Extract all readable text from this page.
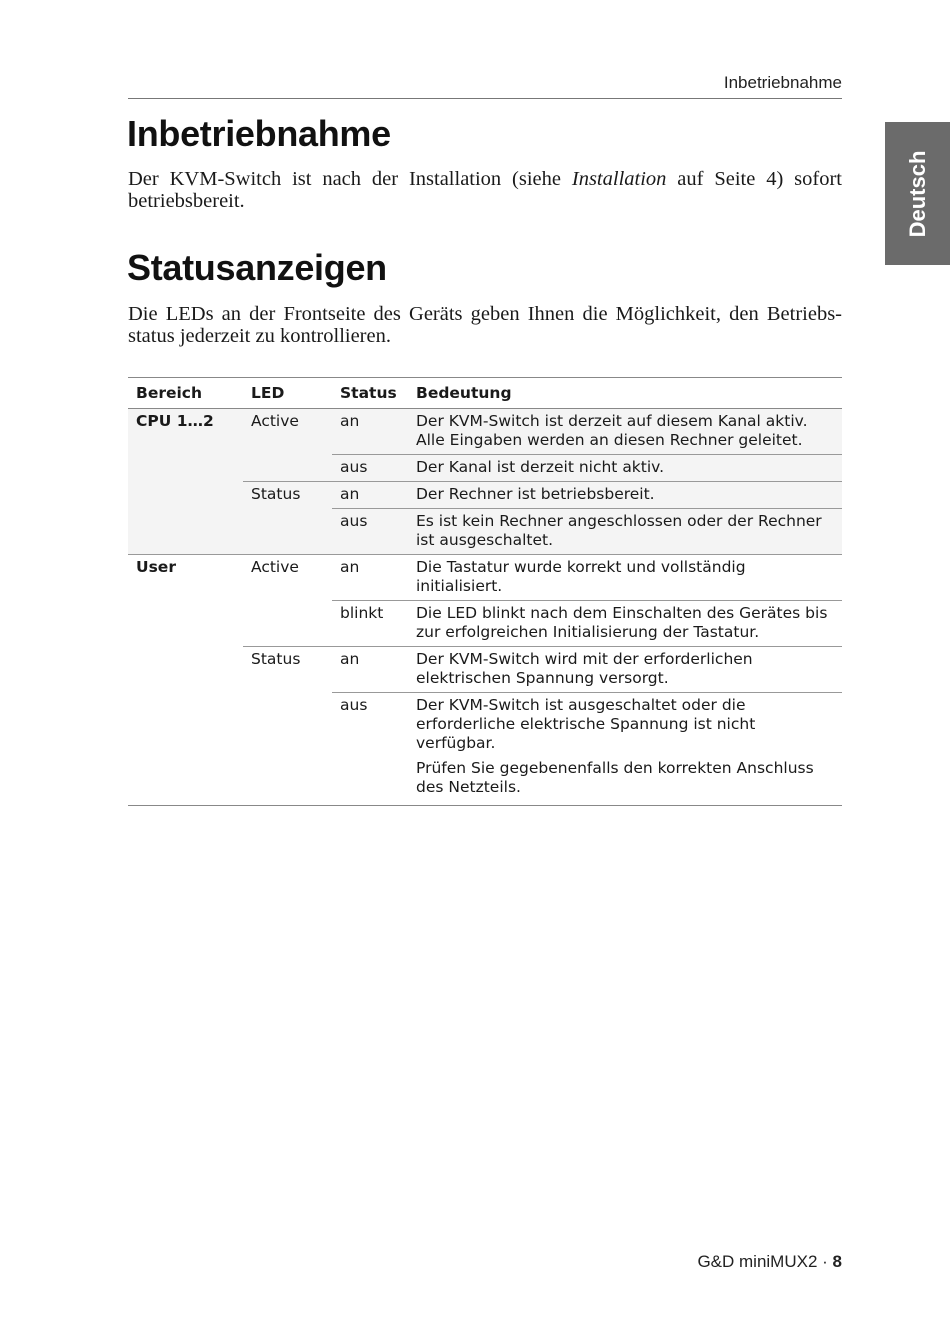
Inbetriebnahme
Deutsch
Inbetriebnahme

Der KVM-Switch ist nach der Installation (siehe Installation auf Seite 4) sofort betriebsbereit.

Statusanzeigen

Die LEDs an der Frontseite des Geräts geben Ihnen die Möglichkeit, den Betriebsstatus jederzeit zu kontrollieren.

Bereich	LED	Status	Bedeutung
CPU 1…2	Active	an	Der KVM-Switch ist derzeit auf diesem Kanal aktiv.
Alle Eingaben werden an diesen Rechner geleitet.
		aus	Der Kanal ist derzeit nicht aktiv.
	Status	an	Der Rechner ist betriebsbereit.
		aus	Es ist kein Rechner angeschlossen oder der Rechner ist ausgeschaltet.
User	Active	an	Die Tastatur wurde korrekt und vollständig initialisiert.
		blinkt	Die LED blinkt nach dem Einschalten des Gerätes bis zur erfolgreichen Initialisierung der Tastatur.
	Status	an	Der KVM-Switch wird mit der erforderlichen elektrischen Spannung versorgt.
		aus	Der KVM-Switch ist ausgeschaltet oder die erforderliche elektrische Spannung ist nicht verfügbar.
Prüfen Sie gegebenenfalls den korrekten Anschluss des Netzteils.
G&D miniMUX2 · 8
